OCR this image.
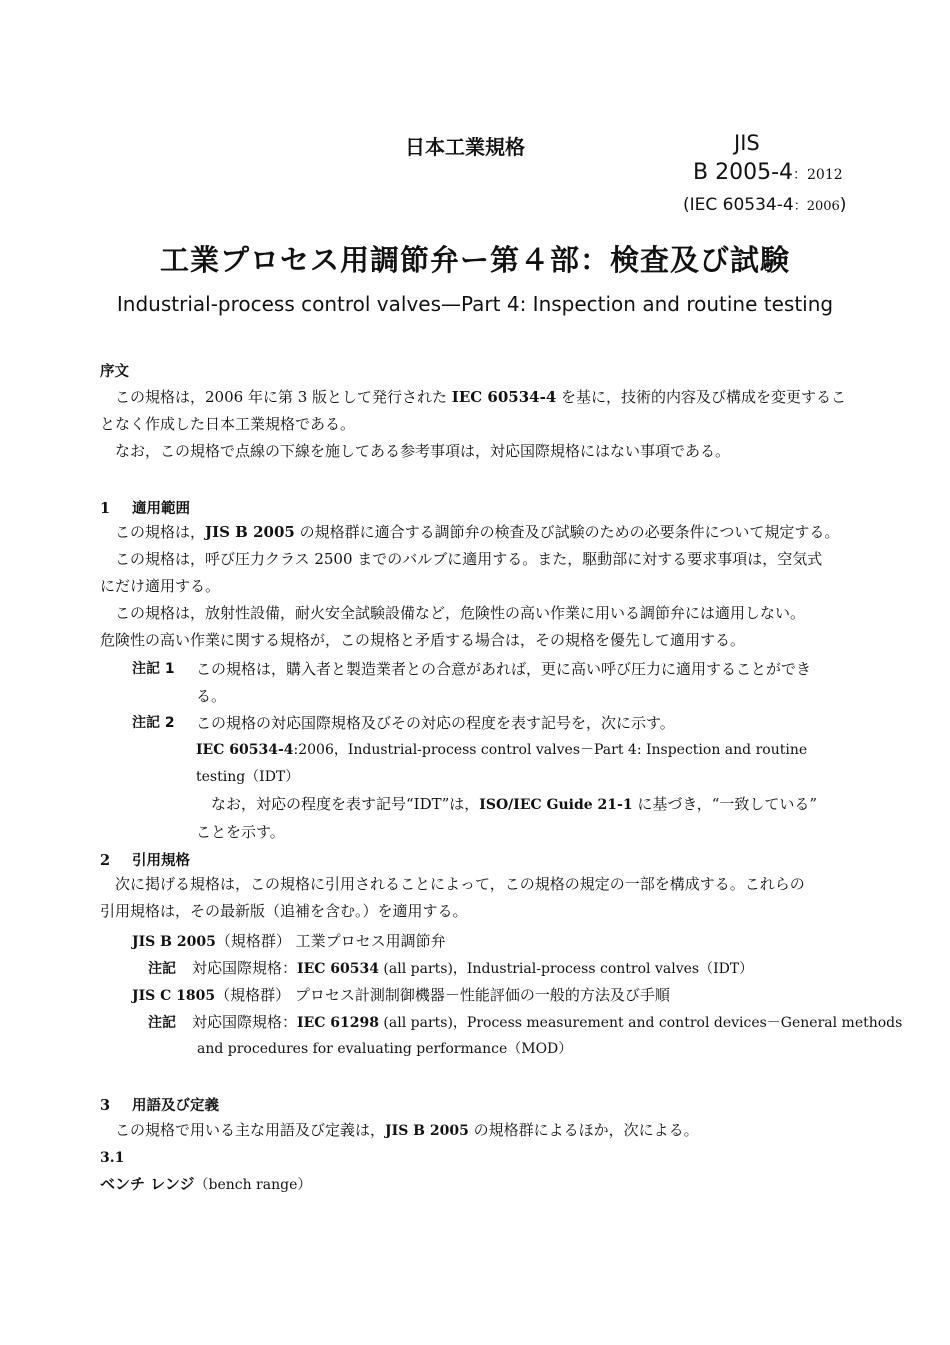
日本工業規格	JIS
B 2005-4：2012
(IEC 60534-4：2006)
工業プロセス用調節弁ー第４部：検査及び試験
Industrial-process control valves—Part 4: Inspection and routine testing
序文

この規格は，2006 年に第 3 版として発行された IEC 60534-4 を基に，技術的内容及び構成を変更するこ

となく作成した日本工業規格である。

なお，この規格で点線の下線を施してある参考事項は，対応国際規格にはない事項である。

1 適用範囲

この規格は，JIS B 2005 の規格群に適合する調節弁の検査及び試験のための必要条件について規定する。

この規格は，呼び圧力クラス 2500 までのバルブに適用する。また，駆動部に対する要求事項は，空気式

にだけ適用する。

この規格は，放射性設備，耐火安全試験設備など，危険性の高い作業に用いる調節弁には適用しない。

危険性の高い作業に関する規格が，この規格と矛盾する場合は，その規格を優先して適用する。

注記 1 この規格は，購入者と製造業者との合意があれば，更に高い呼び圧力に適用することができ

る。

注記 2 この規格の対応国際規格及びその対応の程度を表す記号を，次に示す。

IEC 60534-4:2006，Industrial-process control valves－Part 4: Inspection and routine testing（IDT）

なお，対応の程度を表す記号“IDT”は，ISO/IEC Guide 21-1 に基づき，“一致している”

ことを示す。

2 引用規格

次に掲げる規格は，この規格に引用されることによって，この規格の規定の一部を構成する。これらの

引用規格は，その最新版（追補を含む。）を適用する。

JIS B 2005（規格群） 工業プロセス用調節弁
注記 対応国際規格：IEC 60534 (all parts)，Industrial-process control valves（IDT）
JIS C 1805（規格群） プロセス計測制御機器－性能評価の一般的方法及び手順
注記 対応国際規格：IEC 61298 (all parts)，Process measurement and control devices－General methods
and procedures for evaluating performance（MOD）
3 用語及び定義

この規格で用いる主な用語及び定義は，JIS B 2005 の規格群によるほか，次による。

3.1
ベンチ レンジ（bench range）
